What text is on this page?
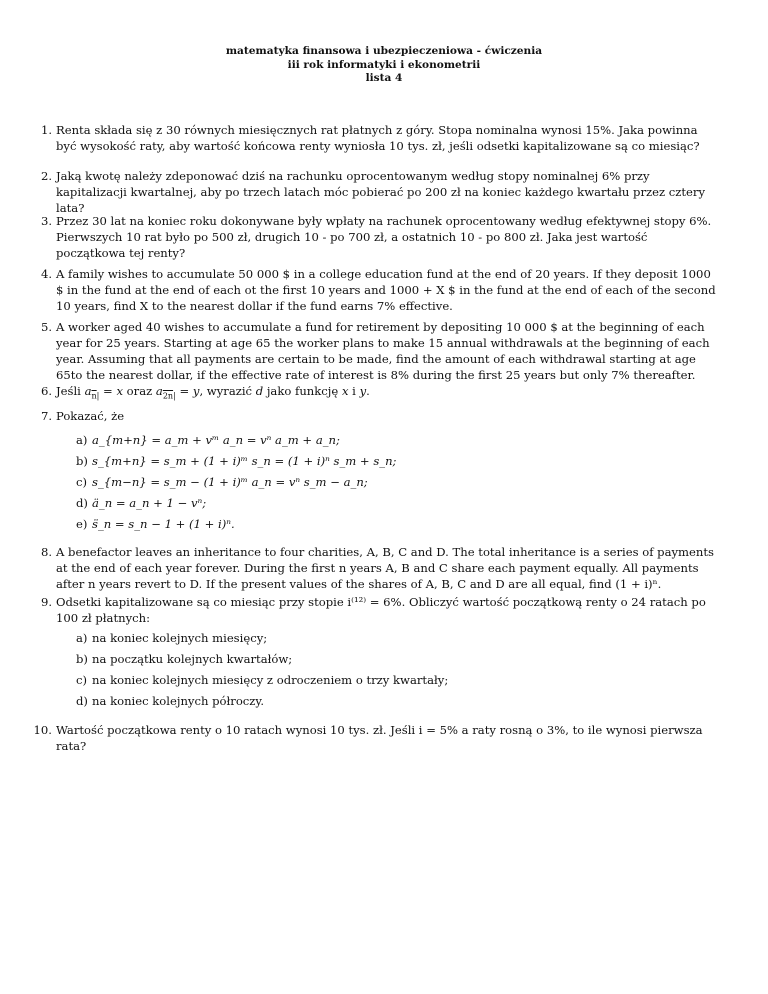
matematyka finansowa i ubezpieczeniowa - ćwiczenia
iii rok informatyki i ekonometrii
lista 4
1. Renta składa się z 30 równych miesięcznych rat płatnych z góry. Stopa nominalna wynosi 15%. Jaka powinna być wysokość raty, aby wartość końcowa renty wyniosła 10 tys. zł, jeśli odsetki kapitalizowane są co miesiąc?
2. Jaką kwotę należy zdeponować dziś na rachunku oprocentowanym według stopy nominalnej 6% przy kapitalizacji kwartalnej, aby po trzech latach móc pobierać po 200 zł na koniec każdego kwartału przez cztery lata?
3. Przez 30 lat na koniec roku dokonywane były wpłaty na rachunek oprocentowany według efektywnej stopy 6%. Pierwszych 10 rat było po 500 zł, drugich 10 - po 700 zł, a ostatnich 10 - po 800 zł. Jaka jest wartość początkowa tej renty?
4. A family wishes to accumulate 50 000 $ in a college education fund at the end of 20 years. If they deposit 1000 $ in the fund at the end of each ot the first 10 years and 1000 + X $ in the fund at the end of each of the second 10 years, find X to the nearest dollar if the fund earns 7% effective.
5. A worker aged 40 wishes to accumulate a fund for retirement by depositing 10 000 $ at the beginning of each year for 25 years. Starting at age 65 the worker plans to make 15 annual withdrawals at the beginning of each year. Assuming that all payments are certain to be made, find the amount of each withdrawal starting at age 65to the nearest dollar, if the effective rate of interest is 8% during the first 25 years but only 7% thereafter.
6. Jeśli $a_{\overline{n}|} = x$ oraz $a_{2n|} = y$, wyrazić d jako funkcję x i y.
7. Pokazać, że
a) a_{m+n} = a_m + vᵐ a_n = vⁿ a_m + a_n;
b) s_{m+n} = s_m + (1 + i)ᵐ s_n = (1 + i)ⁿ s_m + s_n;
c) s_{m−n} = s_m − (1 + i)ᵐ a_n = vⁿ s_m − a_n;
d) ä_n = a_n + 1 − vⁿ;
e) s̈_n = s_n − 1 + (1 + i)ⁿ.
8. A benefactor leaves an inheritance to four charities, A, B, C and D. The total inheritance is a series of payments at the end of each year forever. During the first n years A, B and C share each payment equally. All payments after n years revert to D. If the present values of the shares of A, B, C and D are all equal, find (1 + i)ⁿ.
9. Odsetki kapitalizowane są co miesiąc przy stopie i⁽¹²⁾ = 6%. Obliczyć wartość początkową renty o 24 ratach po 100 zł płatnych:
a) na koniec kolejnych miesięcy;
b) na początku kolejnych kwartałów;
c) na koniec kolejnych miesięcy z odroczeniem o trzy kwartały;
d) na koniec kolejnych półroczy.
10. Wartość początkowa renty o 10 ratach wynosi 10 tys. zł. Jeśli i = 5% a raty rosną o 3%, to ile wynosi pierwsza rata?
